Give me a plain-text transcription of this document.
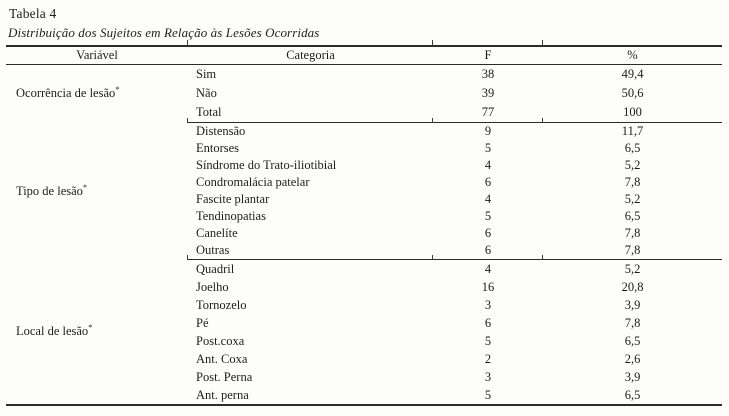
Tabela 4
Distribuição dos Sujeitos em Relação às Lesões Ocorridas
Variável	Categoria	F	%
Ocorrência de lesão*	Sim	38	49,4
	Não	39	50,6
	Total	77	100
Tipo de lesão*	Distensão	9	11,7
	Entorses	5	6,5
	Síndrome do Trato-iliotibial	4	5,2
	Condromalácia patelar	6	7,8
	Fascite plantar	4	5,2
	Tendinopatias	5	6,5
	Canelíte	6	7,8
	Outras	6	7,8
Local de lesão*	Quadril	4	5,2
	Joelho	16	20,8
	Tornozelo	3	3,9
	Pé	6	7,8
	Post.coxa	5	6,5
	Ant. Coxa	2	2,6
	Post. Perna	3	3,9
	Ant. perna	5	6,5
